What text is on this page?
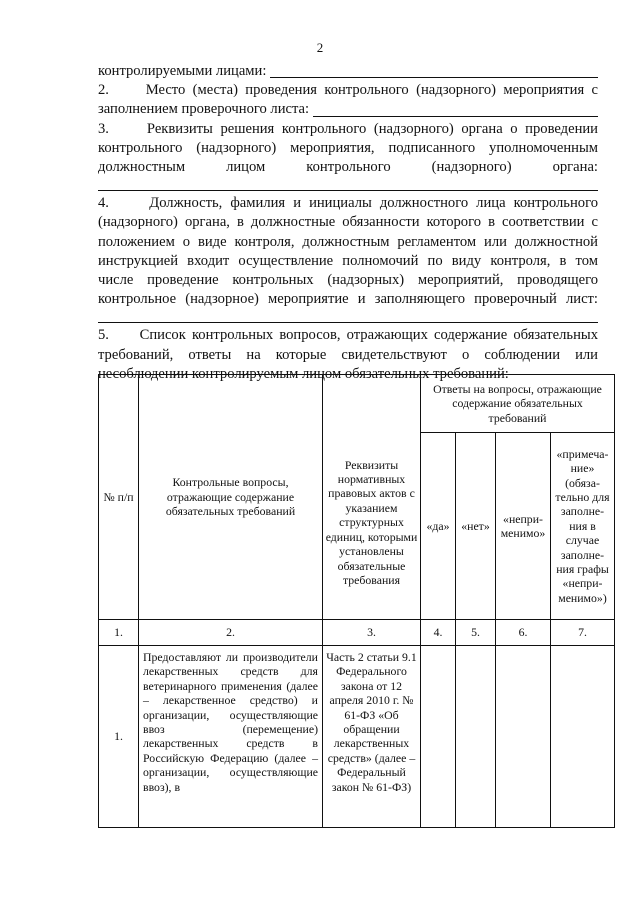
2
контролируемыми лицами:
2.     Место (места) проведения контрольного (надзорного) мероприятия с
заполнением проверочного листа:
3.     Реквизиты решения контрольного (надзорного) органа о проведении
контрольного (надзорного) мероприятия, подписанного уполномоченным
должностным лицом контрольного (надзорного) органа:
4.     Должность, фамилия и инициалы должностного лица контрольного
(надзорного) органа, в должностные обязанности которого в соответствии с
положением о виде контроля, должностным регламентом или должностной
инструкцией входит осуществление полномочий по виду контроля, в том
числе проведение контрольных (надзорных) мероприятий, проводящего
контрольное (надзорное) мероприятие и заполняющего проверочный лист:
5.     Список контрольных вопросов, отражающих содержание обязательных
требований, ответы на которые свидетельствуют о соблюдении или
несоблюдении контролируемым лицом обязательных требований:
№ п/п	Контрольные вопросы, отражающие содержание обязательных требований	Реквизиты нормативных правовых актов с указанием структурных единиц, которыми установлены обязательные требования	Ответы на вопросы, отражающие содержание обязательных требований			
			«да»	«нет»	«непри-менимо»	«примеча-ние» (обяза-тельно для заполне-ния в случае заполне-ния графы «непри-менимо»)
1.	2.	3.	4.	5.	6.	7.
1.	Предоставляют ли производители лекарственных средств для ветеринарного применения (далее – лекарственное средство) и организации, осуществляющие ввоз (перемещение) лекарственных средств в Российскую Федерацию (далее – организации, осуществляющие ввоз), в	Часть 2 статьи 9.1 Федерального закона от 12 апреля 2010 г. № 61-ФЗ «Об обращении лекарственных средств» (далее – Федеральный закон № 61-ФЗ)				
